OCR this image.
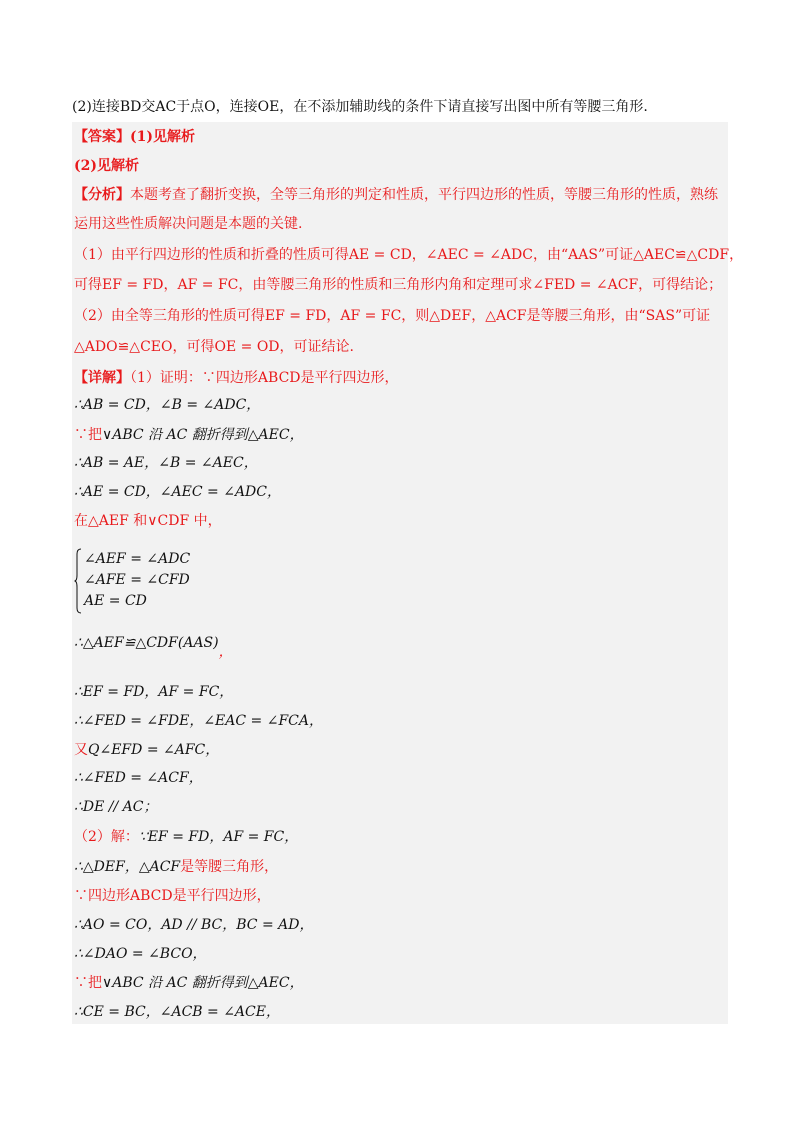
(2)连接BD交AC于点O，连接OE，在不添加辅助线的条件下请直接写出图中所有等腰三角形.
【答案】(1)见解析
(2)见解析
【分析】本题考查了翻折变换，全等三角形的判定和性质，平行四边形的性质，等腰三角形的性质，熟练
运用这些性质解决问题是本题的关键.
（1）由平行四边形的性质和折叠的性质可得AE = CD，∠AEC = ∠ADC，由“AAS”可证△AEC≌△CDF，
可得EF = FD，AF = FC，由等腰三角形的性质和三角形内角和定理可求∠FED = ∠ACF，可得结论；
（2）由全等三角形的性质可得EF = FD，AF = FC，则△DEF，△ACF是等腰三角形，由“SAS”可证
△ADO≌△CEO，可得OE = OD，可证结论.
【详解】（1）证明：∵四边形ABCD是平行四边形，
∴AB = CD，∠B = ∠ADC，
∵把∨ABC 沿 AC 翻折得到△AEC，
∴AB = AE，∠B = ∠AEC，
∴AE = CD，∠AEC = ∠ADC，
在△AEF 和∨CDF 中，
∠AEF = ∠ADC
∠AFE = ∠CFD
AE = CD
∴△AEF≌△CDF(AAS)，
∴EF = FD，AF = FC，
∴∠FED = ∠FDE，∠EAC = ∠FCA，
又Q∠EFD = ∠AFC，
∴∠FED = ∠ACF，
∴DE // AC；
（2）解：∵EF = FD，AF = FC，
∴△DEF，△ACF是等腰三角形，
∵四边形ABCD是平行四边形，
∴AO = CO，AD // BC，BC = AD，
∴∠DAO = ∠BCO，
∵把∨ABC 沿 AC 翻折得到△AEC，
∴CE = BC，∠ACB = ∠ACE，
